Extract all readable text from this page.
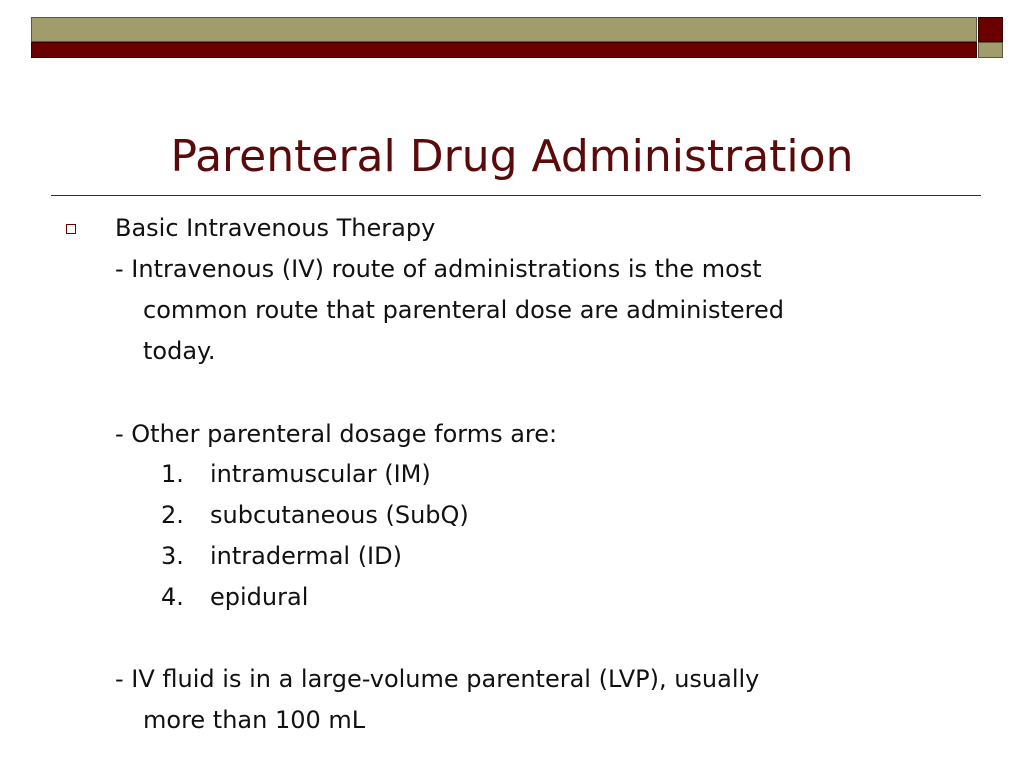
Parenteral Drug Administration
Basic Intravenous Therapy
- Intravenous (IV) route of administrations is the most
common route that parenteral dose are administered
today.
- Other parenteral dosage forms are:
1. intramuscular (IM)
2. subcutaneous (SubQ)
3. intradermal (ID)
4. epidural
- IV fluid is in a large-volume parenteral (LVP), usually
more than 100 mL
